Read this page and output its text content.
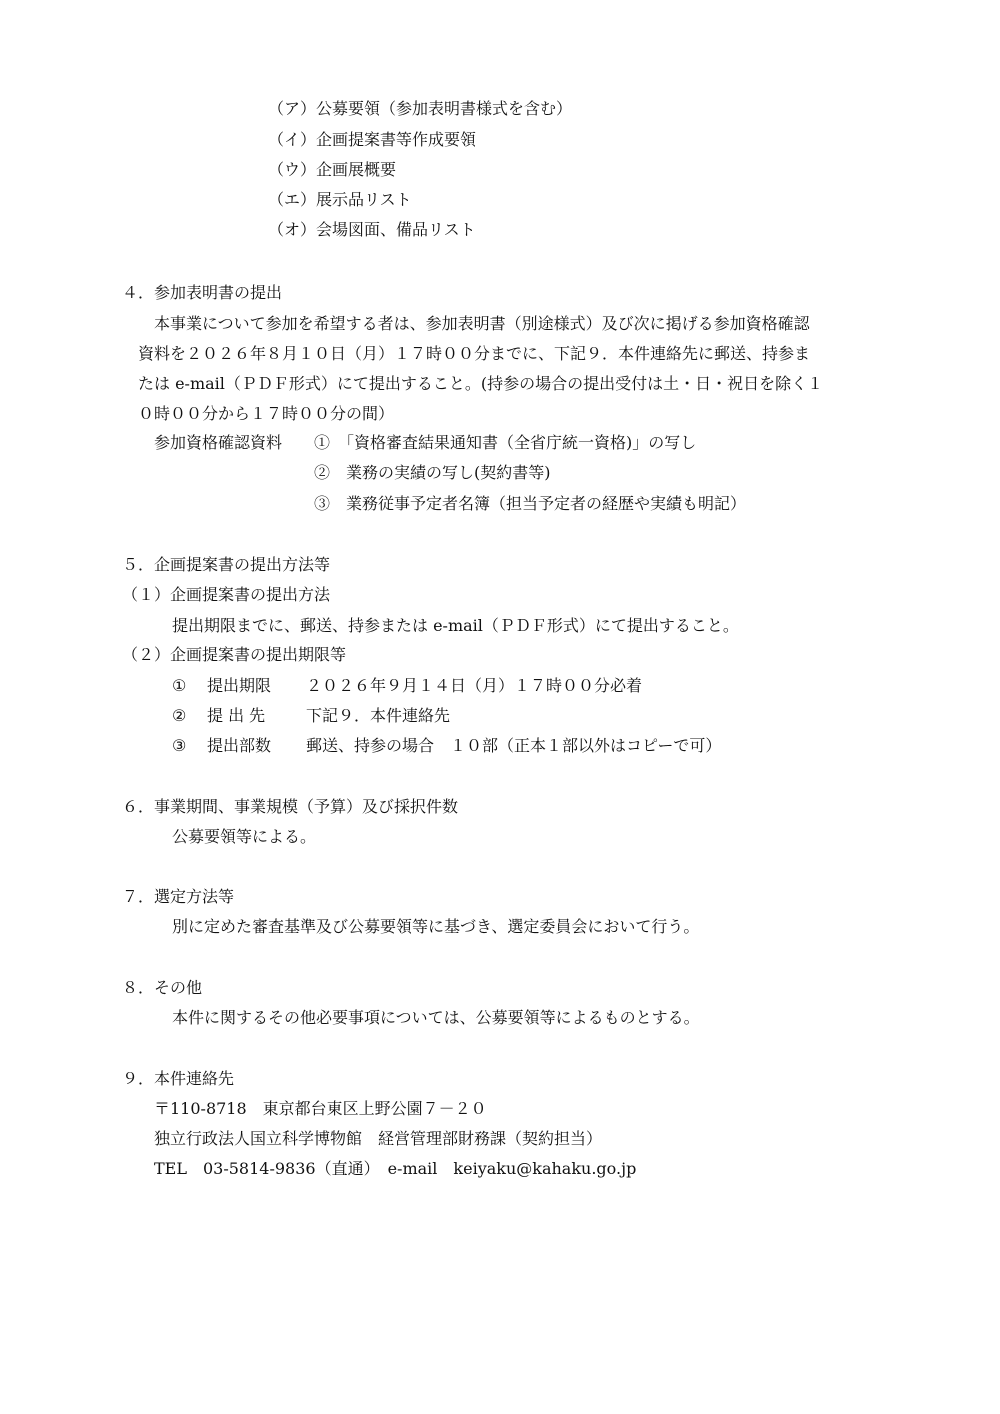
（ア）公募要領（参加表明書様式を含む）
（イ）企画提案書等作成要領
（ウ）企画展概要
（エ）展示品リスト
（オ）会場図面、備品リスト
４．参加表明書の提出
本事業について参加を希望する者は、参加表明書（別途様式）及び次に掲げる参加資格確認
資料を２０２６年８月１０日（月）１７時００分までに、下記９．本件連絡先に郵送、持参ま
たは e-mail（ＰＤＦ形式）にて提出すること。(持参の場合の提出受付は土・日・祝日を除く１
０時００分から１７時００分の間）
参加資格確認資料 ①　「資格審査結果通知書（全省庁統一資格)」の写し
②　業務の実績の写し(契約書等)
③　業務従事予定者名簿（担当予定者の経歴や実績も明記）
５．企画提案書の提出方法等
（１）企画提案書の提出方法
提出期限までに、郵送、持参または e-mail（ＰＤＦ形式）にて提出すること。
（２）企画提案書の提出期限等
① 提出期限 ２０２６年９月１４日（月）１７時００分必着
② 提 出 先	下記９．本件連絡先
③ 提出部数 郵送、持参の場合　１０部（正本１部以外はコピーで可）
６．事業期間、事業規模（予算）及び採択件数
公募要領等による。
７．選定方法等
別に定めた審査基準及び公募要領等に基づき、選定委員会において行う。
８．その他
本件に関するその他必要事項については、公募要領等によるものとする。
９．本件連絡先
〒110-8718　東京都台東区上野公園７－２０
独立行政法人国立科学博物館　経営管理部財務課（契約担当）
TEL　03-5814-9836（直通）　e-mail　keiyaku@kahaku.go.jp
